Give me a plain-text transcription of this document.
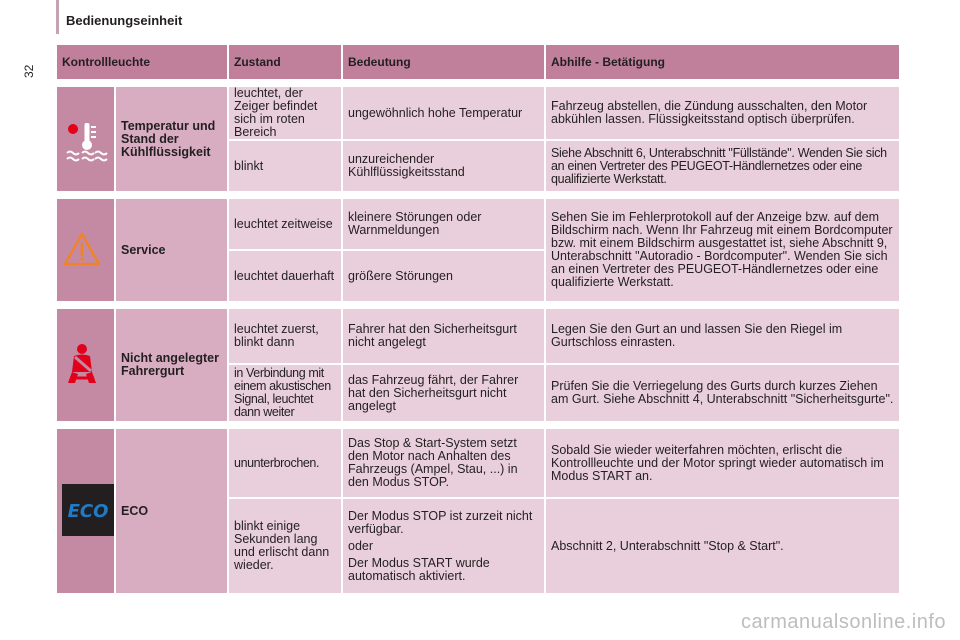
Bedienungseinheit
32
Kontrollleuchte		Zustand	Bedeutung	Abhilfe - Betätigung

	Temperatur und Stand der Kühlflüssigkeit	leuchtet, der Zeiger befindet sich im roten Bereich	ungewöhnlich hohe Temperatur	Fahrzeug abstellen, die Zündung ausschalten, den Motor abkühlen lassen. Flüssigkeitsstand optisch überprüfen.
		blinkt	unzureichender Kühlflüssigkeitsstand	Siehe Abschnitt 6, Unterabschnitt "Füllstände". Wenden Sie sich an einen Vertreter des PEUGEOT-Händlernetzes oder eine qualifizierte Werkstatt.

	Service	leuchtet zeitweise	kleinere Störungen oder Warnmeldungen	Sehen Sie im Fehlerprotokoll auf der Anzeige bzw. auf dem Bildschirm nach. Wenn Ihr Fahrzeug mit einem Bordcomputer bzw. mit einem Bildschirm ausgestattet ist, siehe Abschnitt 9, Unterabschnitt "Autoradio - Bordcomputer". Wenden Sie sich an einen Vertreter des PEUGEOT-Händlernetzes oder eine qualifizierte Werkstatt.
		leuchtet dauerhaft	größere Störungen	

	Nicht angelegter Fahrergurt	leuchtet zuerst, blinkt dann	Fahrer hat den Sicherheitsgurt nicht angelegt	Legen Sie den Gurt an und lassen Sie den Riegel im Gurtschloss einrasten.
		in Verbindung mit einem akustischen Signal, leuchtet dann weiter	das Fahrzeug fährt, der Fahrer hat den Sicherheitsgurt nicht angelegt	Prüfen Sie die Verriegelung des Gurts durch kurzes Ziehen am Gurt. Siehe Abschnitt 4, Unterabschnitt "Sicherheitsgurte".

ECO	ECO	ununterbrochen.	Das Stop & Start-System setzt den Motor nach Anhalten des Fahrzeugs (Ampel, Stau, ...) in den Modus STOP.	Sobald Sie wieder weiterfahren möchten, erlischt die Kontrollleuchte und der Motor springt wieder automatisch im Modus START an.
		blinkt einige Sekunden lang und erlischt dann wieder.	Der Modus STOP ist zurzeit nicht verfügbar.
oder
Der Modus START wurde automatisch aktiviert.	Abschnitt 2, Unterabschnitt "Stop & Start".
carmanualsonline.info
